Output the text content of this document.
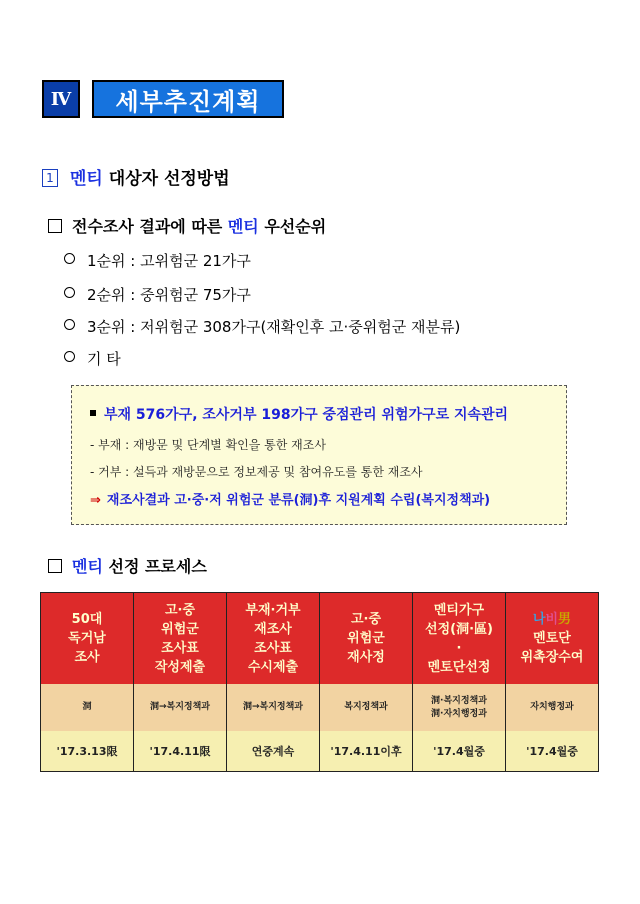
Ⅳ	세부추진계획
1 멘티 대상자 선정방법
전수조사 결과에 따른 멘티 우선순위
1순위 : 고위험군 21가구
2순위 : 중위험군 75가구
3순위 : 저위험군 308가구(재확인후 고·중위험군 재분류)
기 타
부재 576가구, 조사거부 198가구 중점관리 위험가구로 지속관리
- 부재 : 재방문 및 단계별 확인을 통한 재조사
- 거부 : 설득과 재방문으로 정보제공 및 참여유도를 통한 재조사
⇒ 재조사결과 고·중·저 위험군 분류(洞)후 지원계획 수립(복지정책과)
멘티 선정 프로세스
50대
독거남
조사
洞
'17.3.13限
고·중
위험군
조사표
작성제출
洞→복지정책과
'17.4.11限
부재·거부
재조사
조사표
수시제출
洞→복지정책과
연중계속
고·중
위험군
재사정
복지정책과
'17.4.11이후
멘티가구
선정(洞·區)
·
멘토단선정
洞·복지정책과
洞·자치행정과
'17.4월중
나비男
멘토단
위촉장수여
자치행정과
'17.4월중
